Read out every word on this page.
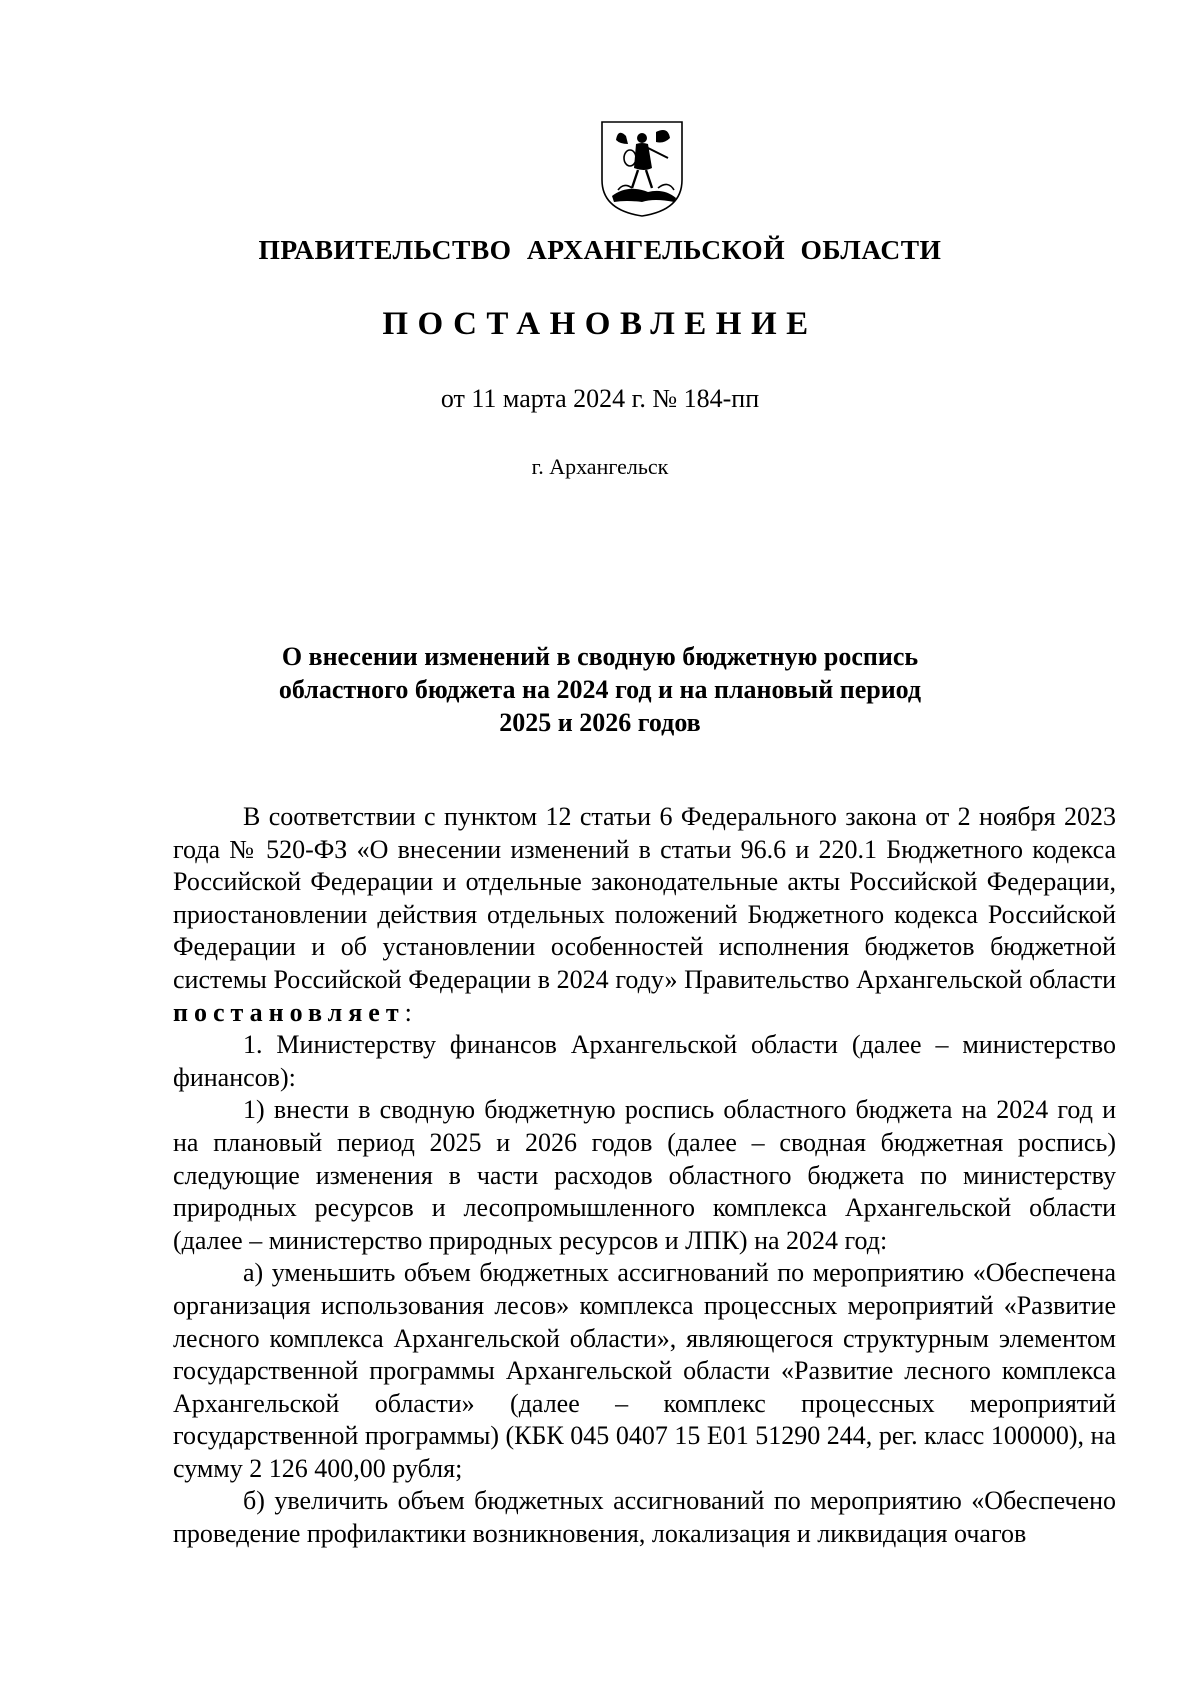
ПРАВИТЕЛЬСТВО АРХАНГЕЛЬСКОЙ ОБЛАСТИ
ПОСТАНОВЛЕНИЕ
от 11 марта 2024 г. № 184-пп
г. Архангельск
О внесении изменений в сводную бюджетную роспись
областного бюджета на 2024 год и на плановый период
2025 и 2026 годов

В соответствии с пунктом 12 статьи 6 Федерального закона от 2 ноября 2023 года № 520-ФЗ «О внесении изменений в статьи 96.6 и 220.1 Бюджетного кодекса Российской Федерации и отдельные законодательные акты Российской Федерации, приостановлении действия отдельных положений Бюджетного кодекса Российской Федерации и об установлении особенностей исполнения бюджетов бюджетной системы Российской Федерации в 2024 году» Правительство Архангельской области постановляет:

1. Министерству финансов Архангельской области (далее – министерство финансов):

1) внести в сводную бюджетную роспись областного бюджета на 2024 год и на плановый период 2025 и 2026 годов (далее – сводная бюджетная роспись) следующие изменения в части расходов областного бюджета по министерству природных ресурсов и лесопромышленного комплекса Архангельской области (далее – министерство природных ресурсов и ЛПК) на 2024 год:

а) уменьшить объем бюджетных ассигнований по мероприятию «Обеспечена организация использования лесов» комплекса процессных мероприятий «Развитие лесного комплекса Архангельской области», являющегося структурным элементом государственной программы Архангельской области «Развитие лесного комплекса Архангельской области» (далее – комплекс процессных мероприятий государственной программы) (КБК 045 0407 15 Е01 51290 244, рег. класс 100000), на сумму 2 126 400,00 рубля;

б) увеличить объем бюджетных ассигнований по мероприятию «Обеспечено проведение профилактики возникновения, локализация и ликвидация очагов
